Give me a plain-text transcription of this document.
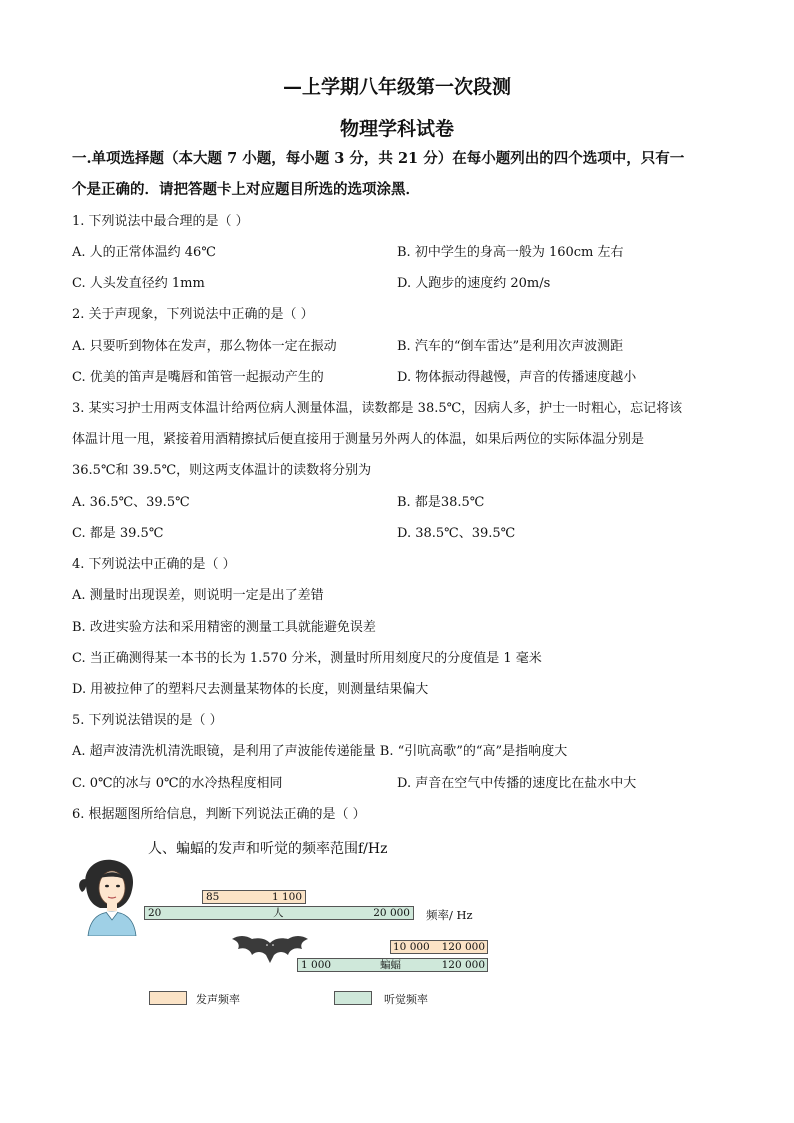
—上学期八年级第一次段测
物理学科试卷
一.单项选择题（本大题 7 小题，每小题 3 分，共 21 分）在每小题列出的四个选项中，只有一
个是正确的．请把答题卡上对应题目所选的选项涂黑．
1. 下列说法中最合理的是（ ）
A. 人的正常体温约 46℃	B. 初中学生的身高一般为 160cm 左右
C. 人头发直径约 1mm	D. 人跑步的速度约 20m/s
2. 关于声现象，下列说法中正确的是（ ）
A. 只要听到物体在发声，那么物体一定在振动	B. 汽车的“倒车雷达”是利用次声波测距
C. 优美的笛声是嘴唇和笛管一起振动产生的	D. 物体振动得越慢，声音的传播速度越小
3. 某实习护士用两支体温计给两位病人测量体温，读数都是 38.5℃，因病人多，护士一时粗心，忘记将该
体温计甩一甩，紧接着用酒精擦拭后便直接用于测量另外两人的体温，如果后两位的实际体温分别是
36.5℃和 39.5℃，则这两支体温计的读数将分别为
A. 36.5℃、39.5℃	B. 都是38.5℃
C. 都是 39.5℃	D. 38.5℃、39.5℃
4. 下列说法中正确的是（ ）
A. 测量时出现误差，则说明一定是出了差错
B. 改进实验方法和采用精密的测量工具就能避免误差
C. 当正确测得某一本书的长为 1.570 分米，测量时所用刻度尺的分度值是 1 毫米
D. 用被拉伸了的塑料尺去测量某物体的长度，则测量结果偏大
5. 下列说法错误的是（ ）
A. 超声波清洗机清洗眼镜，是利用了声波能传递能量 B. “引吭高歌”的“高”是指响度大
C. 0℃的冰与 0℃的水冷热程度相同	D. 声音在空气中传播的速度比在盐水中大
6. 根据题图所给信息，判断下列说法正确的是（ ）
人、蝙蝠的发声和听觉的频率范围f/Hz
85	1 100
20	人	20 000 频率/ Hz
10 000 120 000
1 000	蝙蝠	120 000
发声频率	听觉频率
